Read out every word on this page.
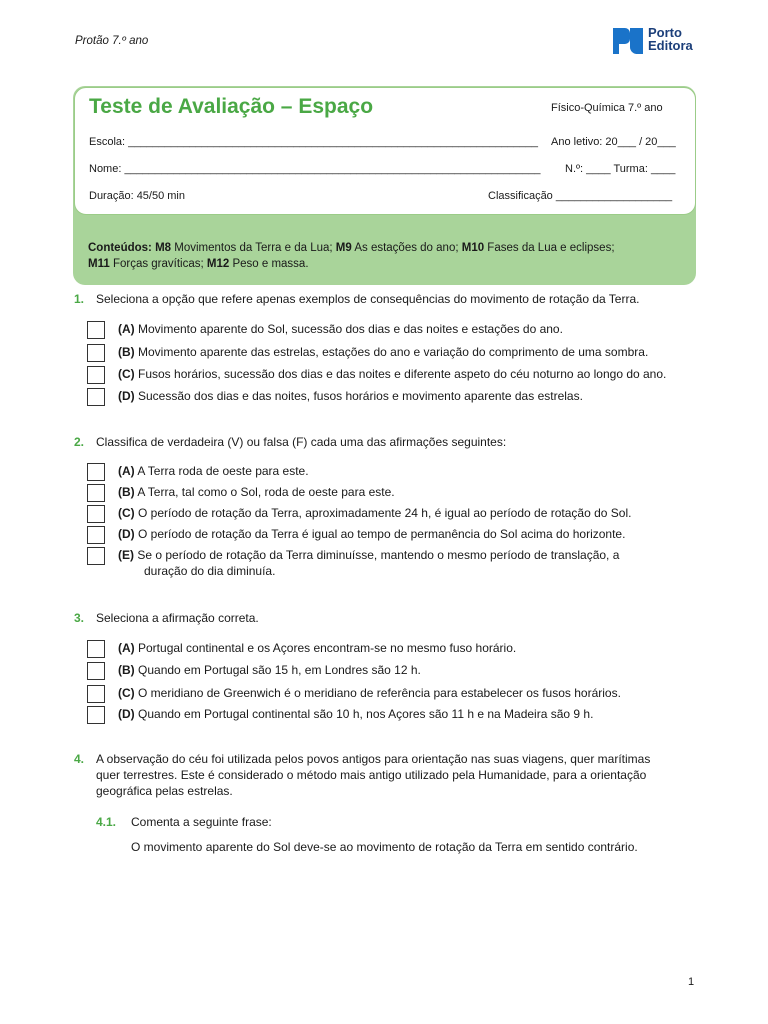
Protão 7.º ano
Porto
Editora
Teste de Avaliação – Espaço	Físico-Química 7.º ano
Escola: ___________________________________________________________________ Ano letivo: 20___ / 20___
Nome: ____________________________________________________________________ N.º: ____ Turma: ____
Duração: 45/50 min	Classificação ___________________
Conteúdos: M8 Movimentos da Terra e da Lua; M9 As estações do ano; M10 Fases da Lua e eclipses;
M11 Forças gravíticas; M12 Peso e massa.
1. Seleciona a opção que refere apenas exemplos de consequências do movimento de rotação da Terra.
(A) Movimento aparente do Sol, sucessão dos dias e das noites e estações do ano.
(B) Movimento aparente das estrelas, estações do ano e variação do comprimento de uma sombra.
(C) Fusos horários, sucessão dos dias e das noites e diferente aspeto do céu noturno ao longo do ano.
(D) Sucessão dos dias e das noites, fusos horários e movimento aparente das estrelas.
2. Classifica de verdadeira (V) ou falsa (F) cada uma das afirmações seguintes:
(A) A Terra roda de oeste para este.
(B) A Terra, tal como o Sol, roda de oeste para este.
(C) O período de rotação da Terra, aproximadamente 24 h, é igual ao período de rotação do Sol.
(D) O período de rotação da Terra é igual ao tempo de permanência do Sol acima do horizonte.
(E) Se o período de rotação da Terra diminuísse, mantendo o mesmo período de translação, a
duração do dia diminuía.
3. Seleciona a afirmação correta.
(A) Portugal continental e os Açores encontram-se no mesmo fuso horário.
(B) Quando em Portugal são 15 h, em Londres são 12 h.
(C) O meridiano de Greenwich é o meridiano de referência para estabelecer os fusos horários.
(D) Quando em Portugal continental são 10 h, nos Açores são 11 h e na Madeira são 9 h.
4. A observação do céu foi utilizada pelos povos antigos para orientação nas suas viagens, quer marítimas
quer terrestres. Este é considerado o método mais antigo utilizado pela Humanidade, para a orientação
geográfica pelas estrelas.
4.1. Comenta a seguinte frase:
O movimento aparente do Sol deve-se ao movimento de rotação da Terra em sentido contrário.
1
